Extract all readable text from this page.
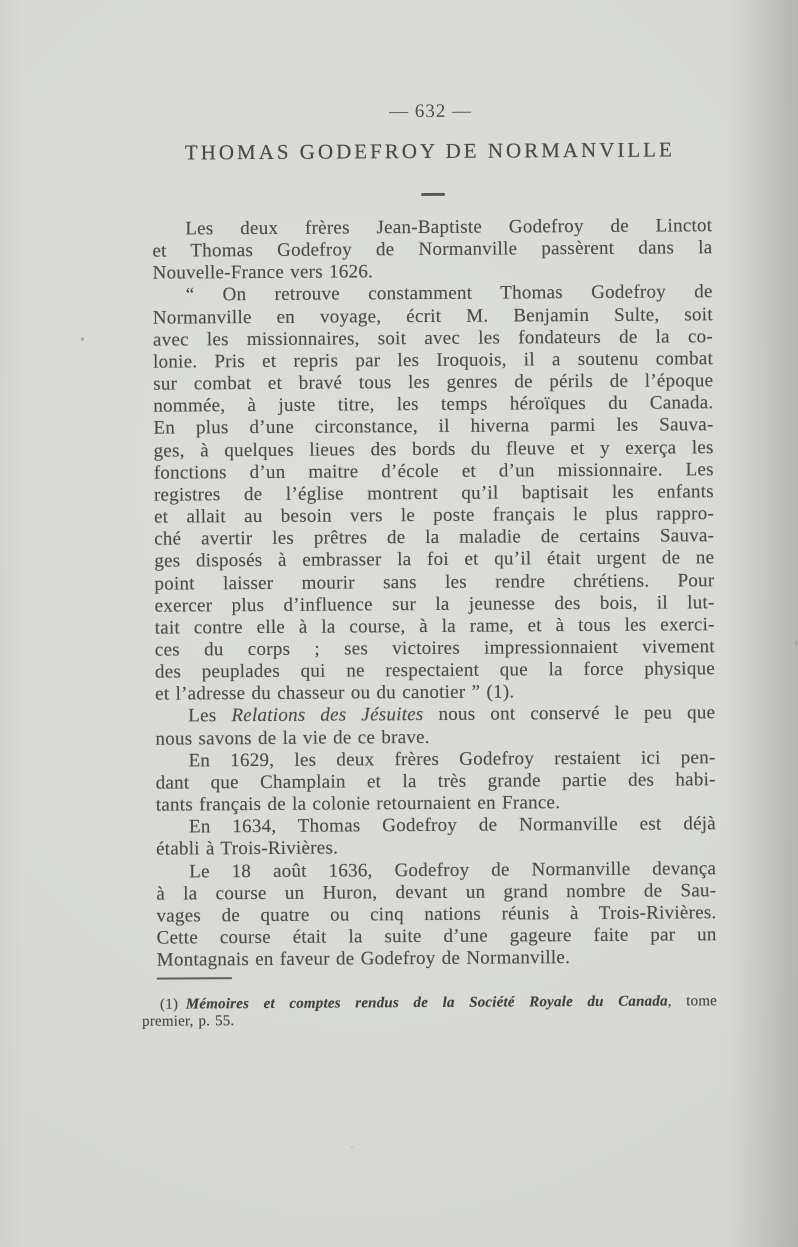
— 632 —
THOMAS GODEFROY DE NORMANVILLE
Les deux frères Jean-Baptiste Godefroy de Linctot
et Thomas Godefroy de Normanville passèrent dans la
Nouvelle-France vers 1626.
“ On retrouve constamment Thomas Godefroy de
Normanville en voyage, écrit M. Benjamin Sulte, soit
avec les missionnaires, soit avec les fondateurs de la co-
lonie. Pris et repris par les Iroquois, il a soutenu combat
sur combat et bravé tous les genres de périls de l’époque
nommée, à juste titre, les temps héroïques du Canada.
En plus d’une circonstance, il hiverna parmi les Sauva-
ges, à quelques lieues des bords du fleuve et y exerça les
fonctions d’un maitre d’école et d’un missionnaire. Les
registres de l’église montrent qu’il baptisait les enfants
et allait au besoin vers le poste français le plus rappro-
ché avertir les prêtres de la maladie de certains Sauva-
ges disposés à embrasser la foi et qu’il était urgent de ne
point laisser mourir sans les rendre chrétiens. Pour
exercer plus d’influence sur la jeunesse des bois, il lut-
tait contre elle à la course, à la rame, et à tous les exerci-
ces du corps ; ses victoires impressionnaient vivement
des peuplades qui ne respectaient que la force physique
et l’adresse du chasseur ou du canotier ” (1).
Les Relations des Jésuites nous ont conservé le peu que
nous savons de la vie de ce brave.
En 1629, les deux frères Godefroy restaient ici pen-
dant que Champlain et la très grande partie des habi-
tants français de la colonie retournaient en France.
En 1634, Thomas Godefroy de Normanville est déjà
établi à Trois-Rivières.
Le 18 août 1636, Godefroy de Normanville devança
à la course un Huron, devant un grand nombre de Sau-
vages de quatre ou cinq nations réunis à Trois-Rivières.
Cette course était la suite d’une gageure faite par un
Montagnais en faveur de Godefroy de Normanville.
(1) Mémoires et comptes rendus de la Société Royale du Canada, tome
premier, p. 55.
